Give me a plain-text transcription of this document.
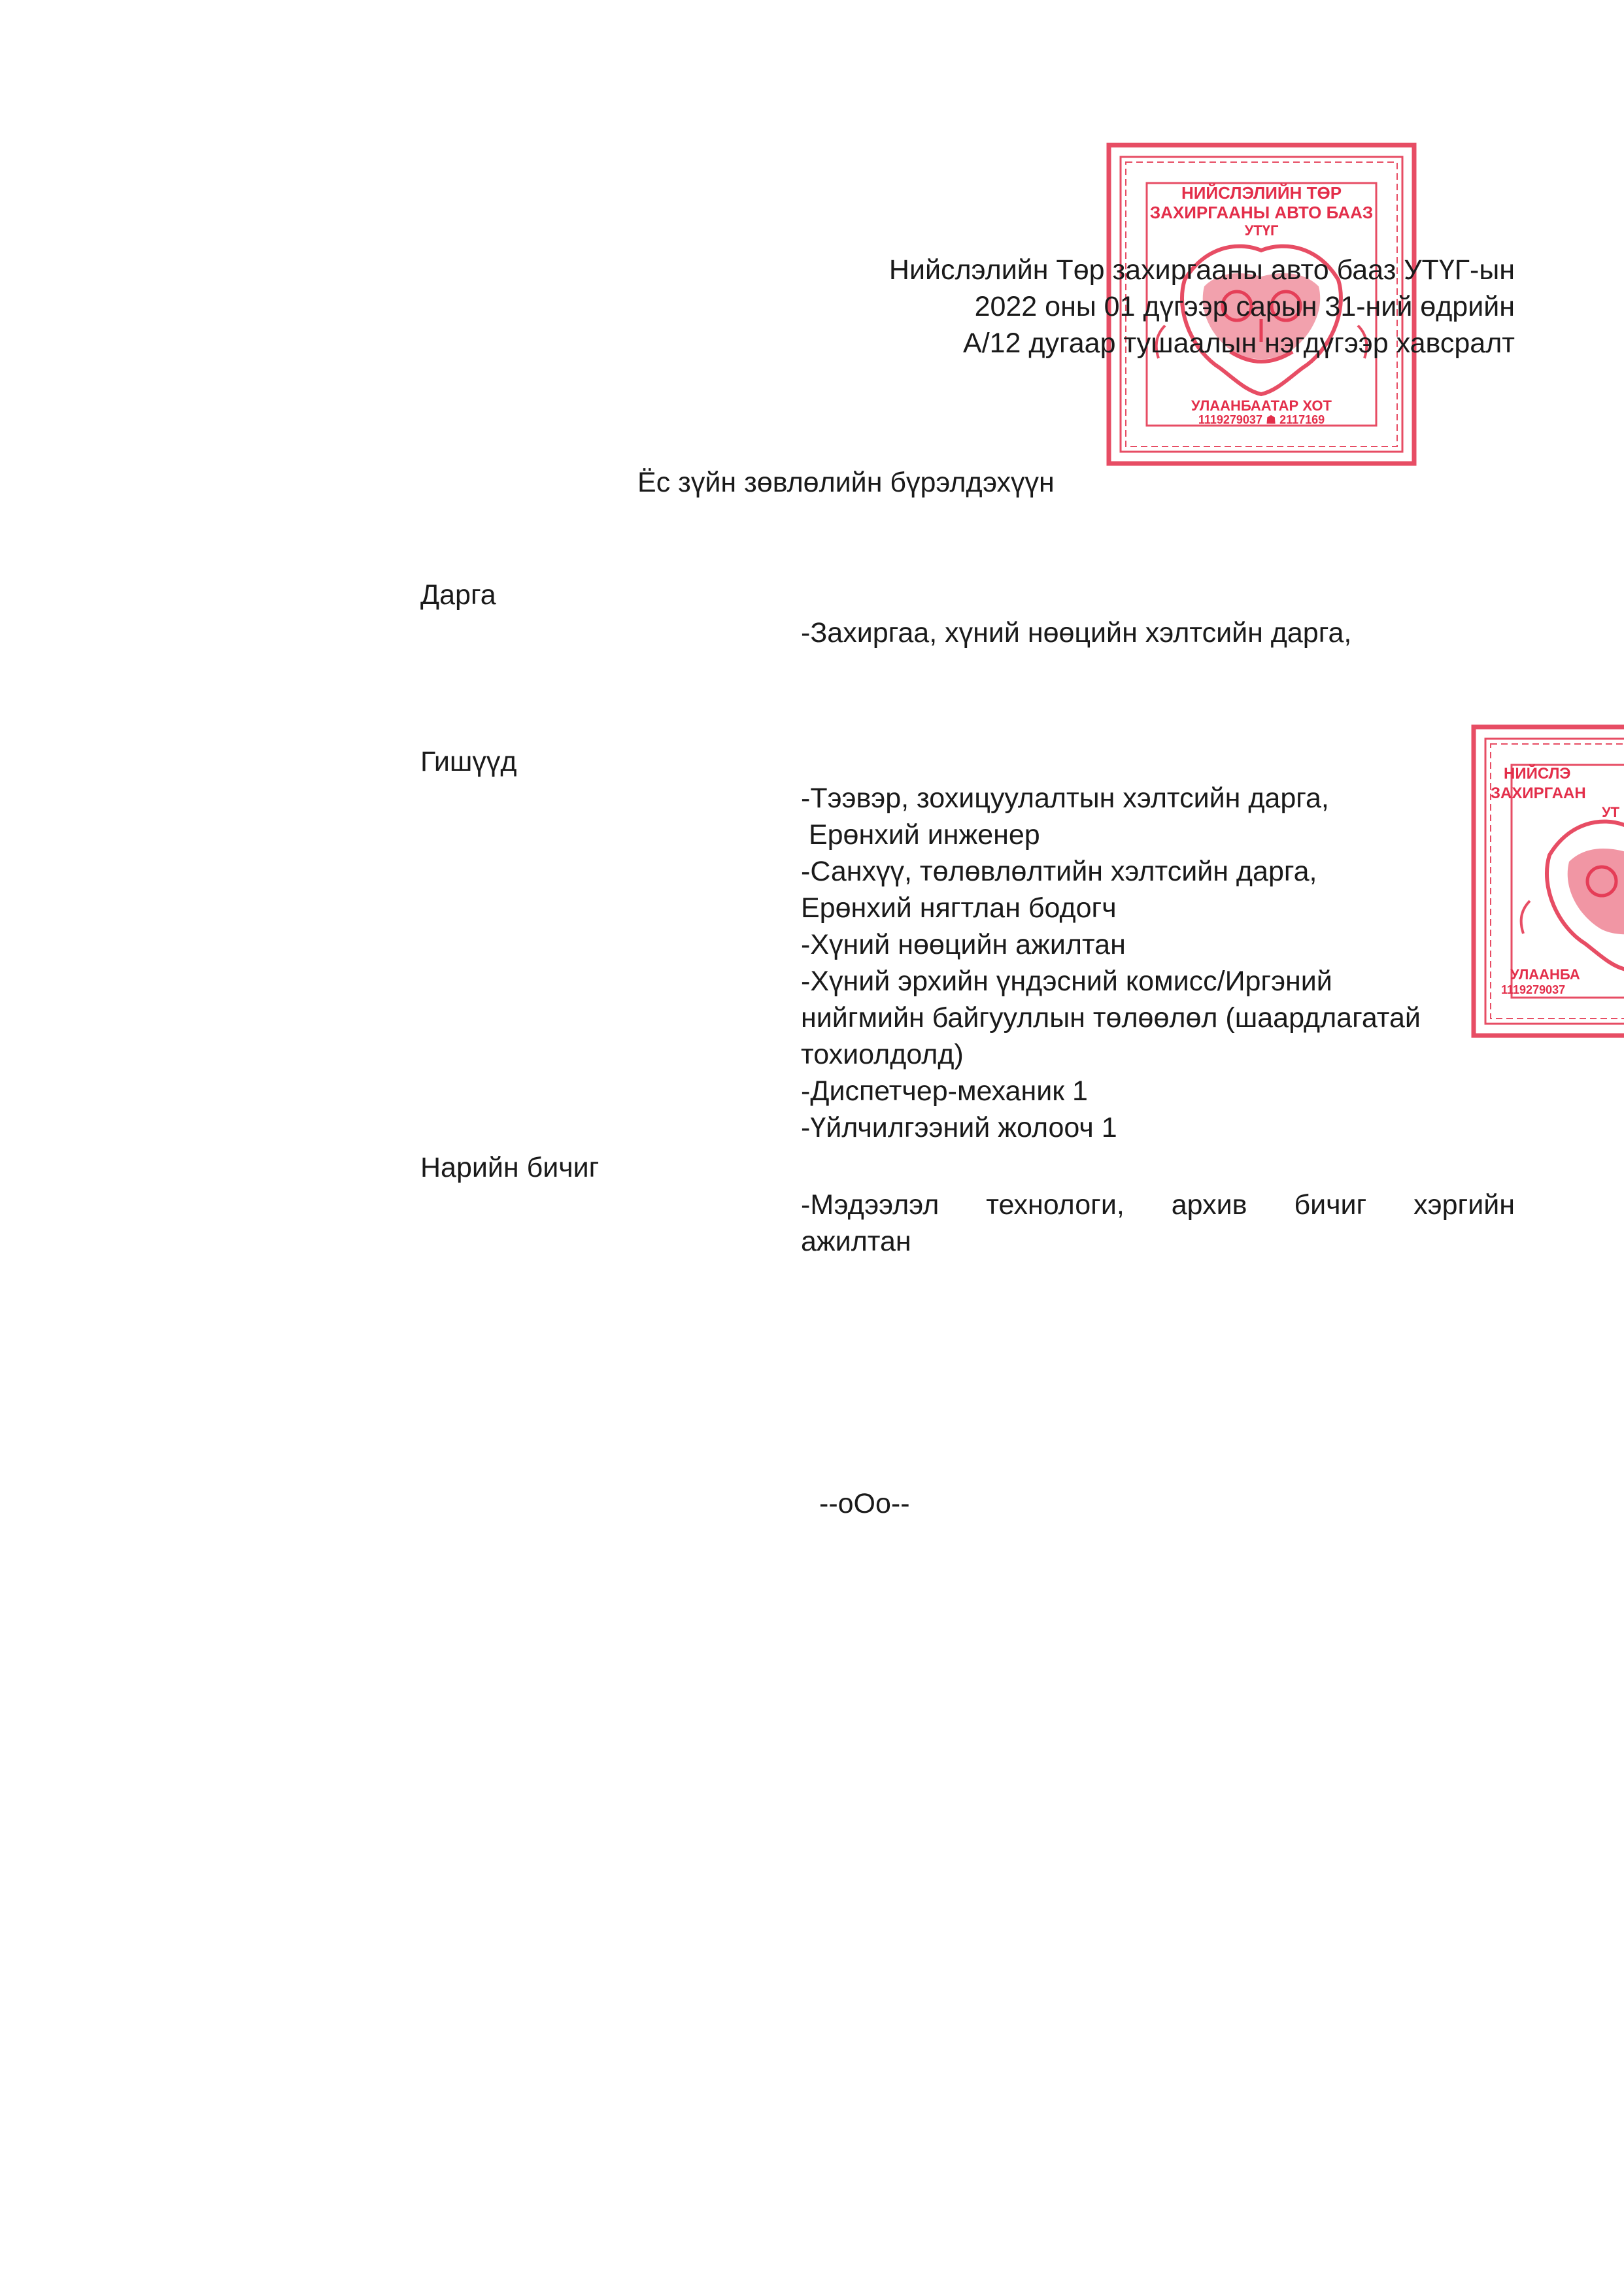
НИЙСЛЭЛИЙН ТӨР
ЗАХИРГААНЫ АВТО БААЗ
УТҮГ
УЛААНБААТАР ХОТ
1119279037 ☗ 2117169
Нийслэлийн Төр захиргааны авто бааз УТҮГ-ын
2022 оны 01 дүгээр сарын 31-ний өдрийн
А/12 дугаар тушаалын нэгдүгээр хавсралт
Ёс зүйн зөвлөлийн бүрэлдэхүүн
Дарга
-Захиргаа, хүний нөөцийн хэлтсийн дарга,
Гишүүд
-Тээвэр, зохицуулалтын хэлтсийн дарга,
Ерөнхий инженер
-Санхүү, төлөвлөлтийн хэлтсийн дарга,
Ерөнхий нягтлан бодогч
-Хүний нөөцийн ажилтан
-Хүний эрхийн үндэсний комисс/Иргэний
нийгмийн байгууллын төлөөлөл (шаардлагатай
тохиолдолд)
-Диспетчер-механик 1
-Үйлчилгээний жолооч 1
Нарийн бичиг
-Мэдээлэл технологи, архив бичиг хэргийн
ажилтан
--oOo--
НИЙСЛЭ
ЗАХИРГААН
УТ
УЛААНБА
1119279037
